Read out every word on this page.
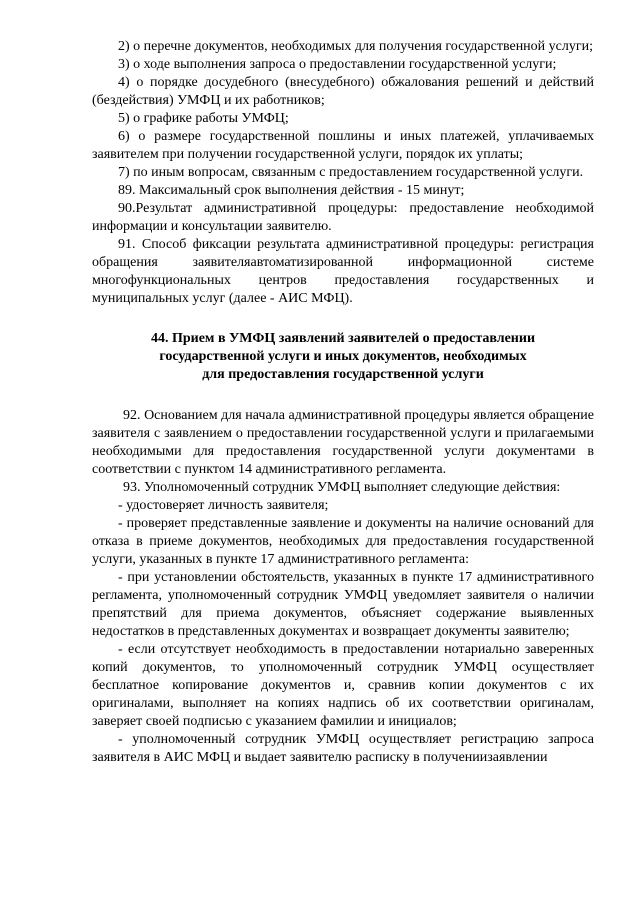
2) о перечне документов, необходимых для получения государственной услуги;

3) о ходе выполнения запроса о предоставлении государственной услуги;

4) о порядке досудебного (внесудебного) обжалования решений и действий (бездействия) УМФЦ и их работников;

5) о графике работы УМФЦ;

6) о размере государственной пошлины и иных платежей, уплачиваемых заявителем при получении государственной услуги, порядок их уплаты;

7) по иным вопросам, связанным с предоставлением государственной услуги.

89. Максимальный срок выполнения действия - 15 минут;

90.Результат административной процедуры: предоставление необходимой информации и консультации заявителю.

91. Способ фиксации результата административной процедуры: регистрация обращения заявителяавтоматизированной информационной системе многофункциональных центров предоставления государственных и муниципальных услуг (далее - АИС МФЦ).

44. Прием в УМФЦ заявлений заявителей о предоставлении
государственной услуги и иных документов, необходимых
для предоставления государственной услуги

92. Основанием для начала административной процедуры является обращение заявителя с заявлением о предоставлении государственной услуги и прилагаемыми необходимыми для предоставления государственной услуги документами в соответствии с пунктом 14 административного регламента.

93. Уполномоченный сотрудник УМФЦ выполняет следующие действия:

- удостоверяет личность заявителя;

- проверяет представленные заявление и документы на наличие оснований для отказа в приеме документов, необходимых для предоставления государственной услуги, указанных в пункте 17 административного регламента:

- при установлении обстоятельств, указанных в пункте 17 административного регламента, уполномоченный сотрудник УМФЦ уведомляет заявителя о наличии препятствий для приема документов, объясняет содержание выявленных недостатков в представленных документах и возвращает документы заявителю;

- если отсутствует необходимость в предоставлении нотариально заверенных копий документов, то уполномоченный сотрудник УМФЦ осуществляет бесплатное копирование документов и, сравнив копии документов с их оригиналами, выполняет на копиях надпись об их соответствии оригиналам, заверяет своей подписью с указанием фамилии и инициалов;

- уполномоченный сотрудник УМФЦ осуществляет регистрацию запроса заявителя в АИС МФЦ и выдает заявителю расписку в получениизаявлении
